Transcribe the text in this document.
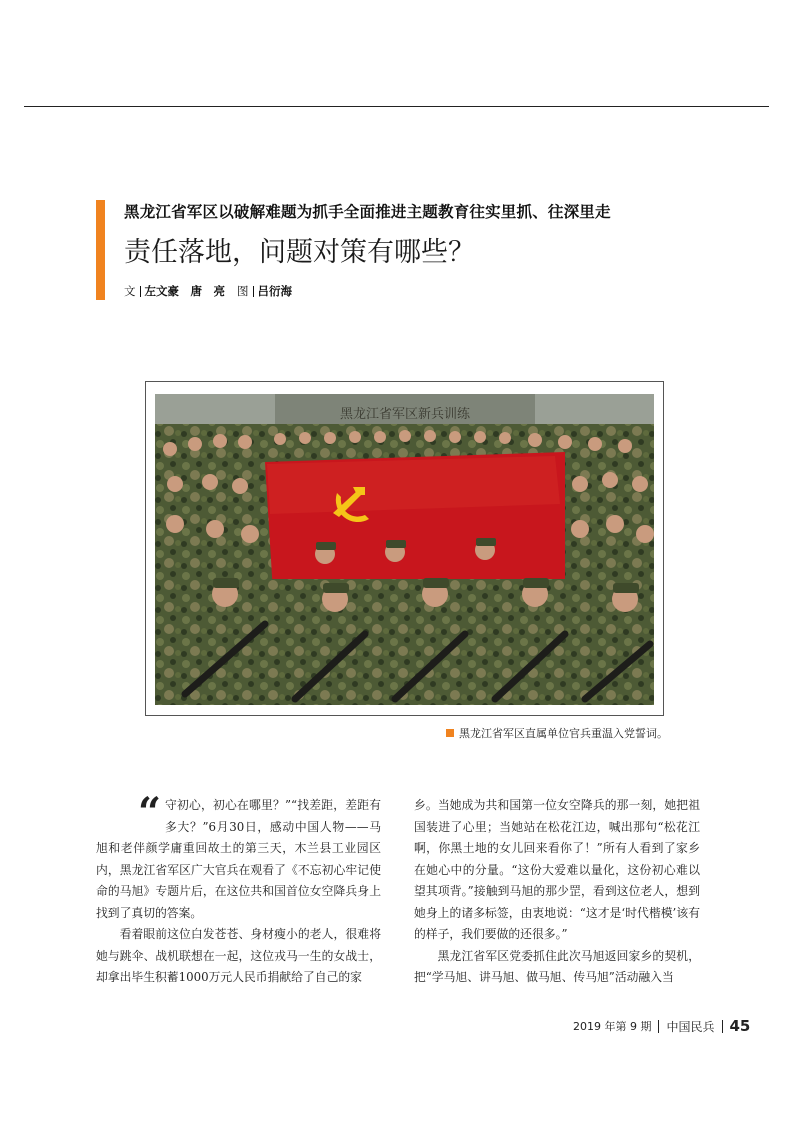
黑龙江省军区以破解难题为抓手全面推进主题教育往实里抓、往深里走
责任落地，问题对策有哪些？
文 左文豪　唐　亮 图 吕衍海
黑龙江省军区新兵训练
黑龙江省军区直属单位官兵重温入党誓词。
“ 守初心，初心在哪里？”“找差距，差距有多大？”6月30日，感动中国人物——马旭和老伴颜学庸重回故土的第三天，木兰县工业园区内，黑龙江省军区广大官兵在观看了《不忘初心牢记使命的马旭》专题片后，在这位共和国首位女空降兵身上找到了真切的答案。

看着眼前这位白发苍苍、身材瘦小的老人，很难将她与跳伞、战机联想在一起，这位戎马一生的女战士，却拿出毕生积蓄1000万元人民币捐献给了自己的家

乡。当她成为共和国第一位女空降兵的那一刻，她把祖国装进了心里；当她站在松花江边，喊出那句“松花江啊，你黑土地的女儿回来看你了！”所有人看到了家乡在她心中的分量。“这份大爱难以量化，这份初心难以望其项背。”接触到马旭的那少罡，看到这位老人，想到她身上的诸多标签，由衷地说：“这才是‘时代楷模’该有的样子，我们要做的还很多。”

黑龙江省军区党委抓住此次马旭返回家乡的契机，把“学马旭、讲马旭、做马旭、传马旭”活动融入当

2019 年第 9 期 中国民兵 45
